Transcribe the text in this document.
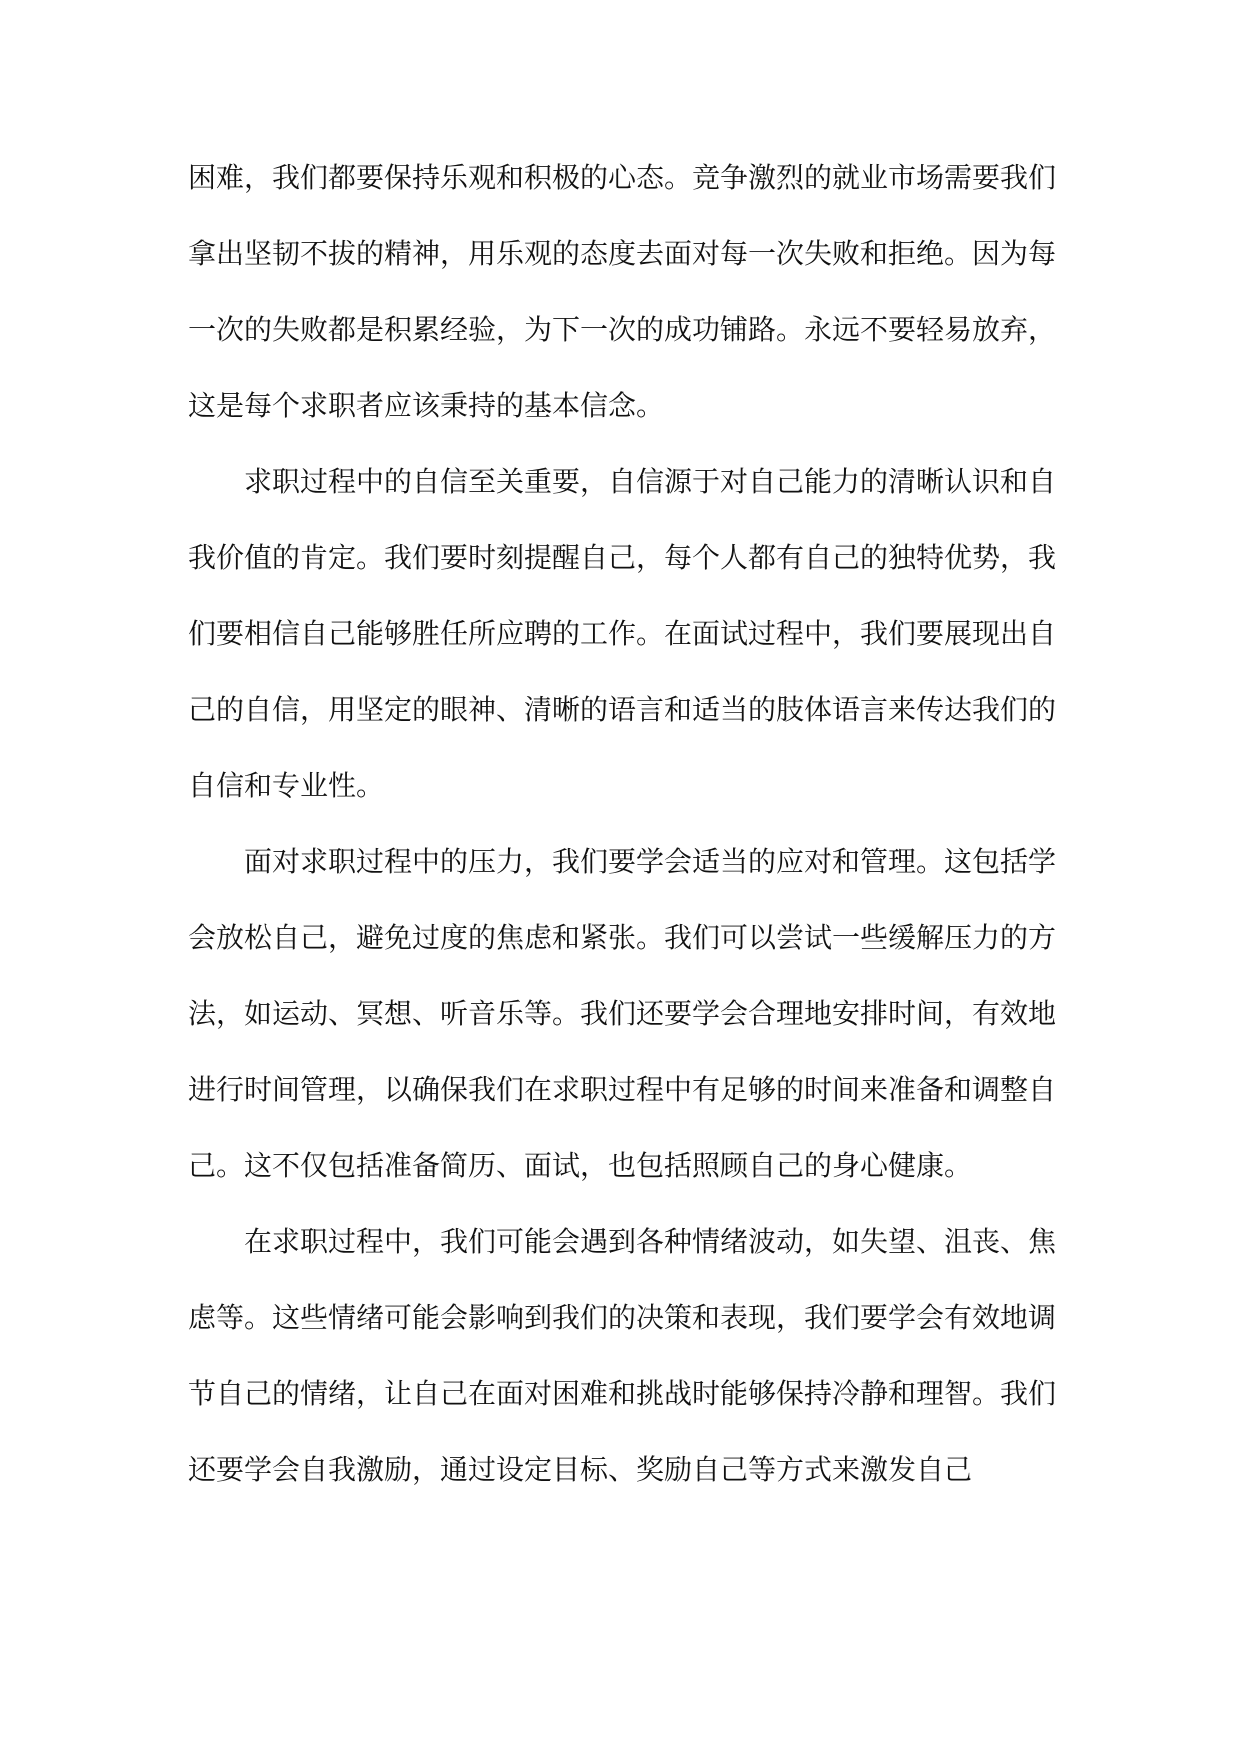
困难，我们都要保持乐观和积极的心态。竞争激烈的就业市场需要我们拿出坚韧不拔的精神，用乐观的态度去面对每一次失败和拒绝。因为每一次的失败都是积累经验，为下一次的成功铺路。永远不要轻易放弃，这是每个求职者应该秉持的基本信念。

求职过程中的自信至关重要，自信源于对自己能力的清晰认识和自我价值的肯定。我们要时刻提醒自己，每个人都有自己的独特优势，我们要相信自己能够胜任所应聘的工作。在面试过程中，我们要展现出自己的自信，用坚定的眼神、清晰的语言和适当的肢体语言来传达我们的自信和专业性。

面对求职过程中的压力，我们要学会适当的应对和管理。这包括学会放松自己，避免过度的焦虑和紧张。我们可以尝试一些缓解压力的方法，如运动、冥想、听音乐等。我们还要学会合理地安排时间，有效地进行时间管理，以确保我们在求职过程中有足够的时间来准备和调整自己。这不仅包括准备简历、面试，也包括照顾自己的身心健康。

在求职过程中，我们可能会遇到各种情绪波动，如失望、沮丧、焦虑等。这些情绪可能会影响到我们的决策和表现，我们要学会有效地调节自己的情绪，让自己在面对困难和挑战时能够保持冷静和理智。我们还要学会自我激励，通过设定目标、奖励自己等方式来激发自己
